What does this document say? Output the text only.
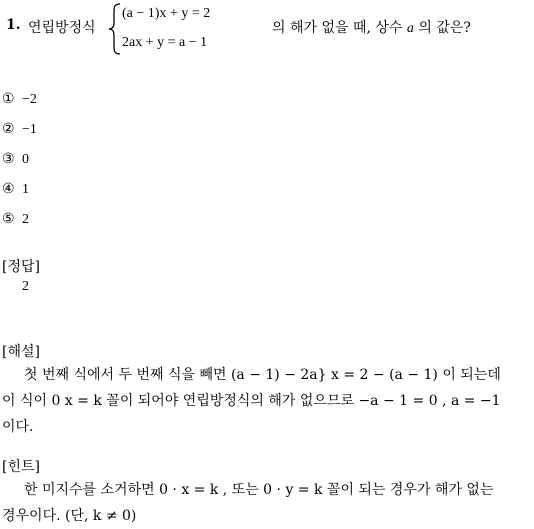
1. 연립방정식
(a − 1)x + y = 2
2ax + y = a − 1
의 해가 없을 때, 상수 a 의 값은?
① −2
② −1
③ 0
④ 1
⑤ 2
[정답]
2
[해설]
첫 번째 식에서 두 번째 식을 빼면 (a − 1) − 2a} x = 2 − (a − 1) 이 되는데
이 식이 0 x = k 꼴이 되어야 연립방정식의 해가 없으므로 −a − 1 = 0 , a = −1
이다.
[힌트]
한 미지수를 소거하면 0 · x = k , 또는 0 · y = k 꼴이 되는 경우가 해가 없는
경우이다. (단, k ≠ 0)
